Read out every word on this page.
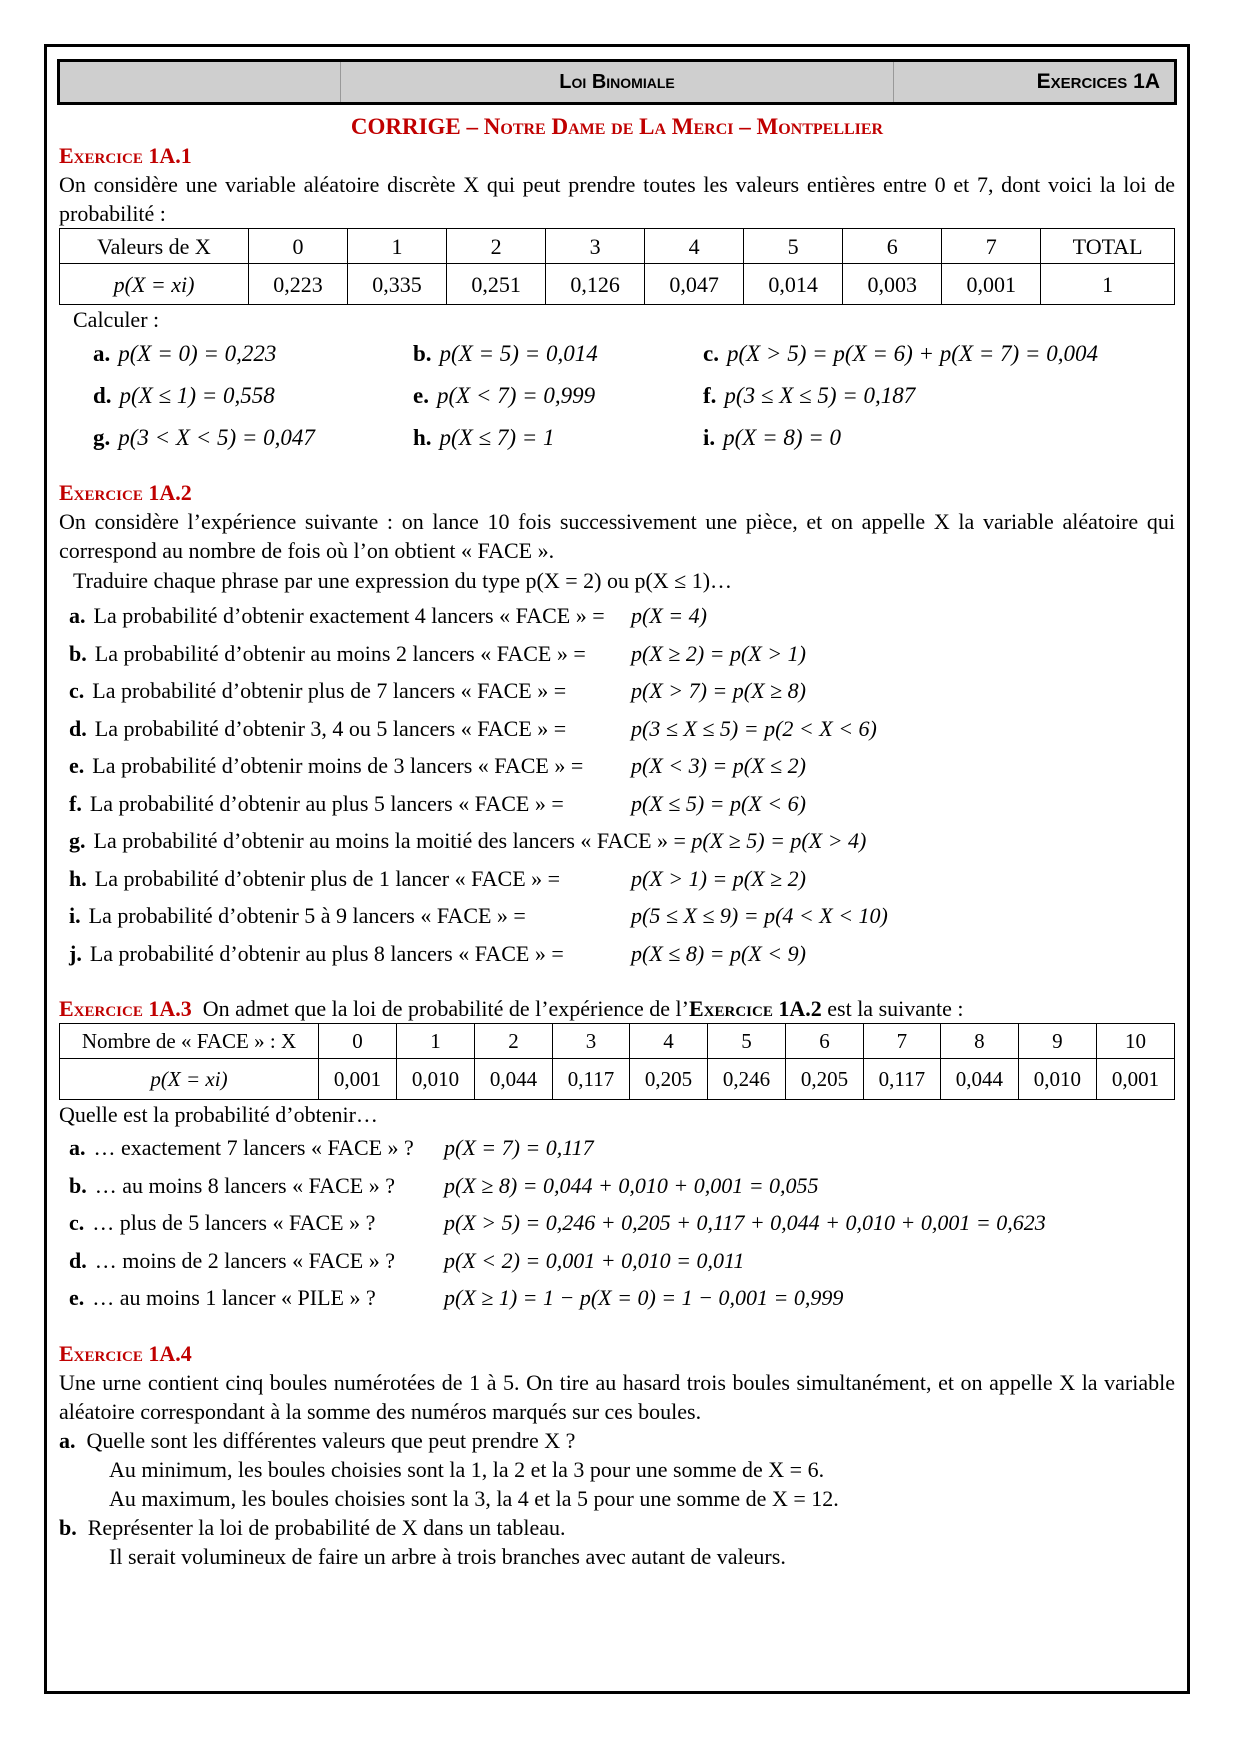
Loi Binomiale	Exercices 1A

CORRIGE – Notre Dame de La Merci – Montpellier

Exercice 1A.1

On considère une variable aléatoire discrète X qui peut prendre toutes les valeurs entières entre 0 et 7, dont voici la loi de probabilité :

Valeurs de X	0	1	2	3	4	5	6	7	TOTAL
p(X = xi)	0,223	0,335	0,251	0,126	0,047	0,014	0,003	0,001	1

Calculer :

a. p(X = 0) = 0,223	b. p(X = 5) = 0,014	c. p(X > 5) = p(X = 6) + p(X = 7) = 0,004
d. p(X ≤ 1) = 0,558	e. p(X < 7) = 0,999	f. p(3 ≤ X ≤ 5) = 0,187
g. p(3 < X < 5) = 0,047	h. p(X ≤ 7) = 1	i. p(X = 8) = 0

Exercice 1A.2

On considère l’expérience suivante : on lance 10 fois successivement une pièce, et on appelle X la variable aléatoire qui correspond au nombre de fois où l’on obtient « FACE ».

Traduire chaque phrase par une expression du type p(X = 2) ou p(X ≤ 1)…

a. La probabilité d’obtenir exactement 4 lancers « FACE » =	p(X = 4)
b. La probabilité d’obtenir au moins 2 lancers « FACE » =	p(X ≥ 2) = p(X > 1)
c. La probabilité d’obtenir plus de 7 lancers « FACE » =	p(X > 7) = p(X ≥ 8)
d. La probabilité d’obtenir 3, 4 ou 5 lancers « FACE » =	p(3 ≤ X ≤ 5) = p(2 < X < 6)
e. La probabilité d’obtenir moins de 3 lancers « FACE » =	p(X < 3) = p(X ≤ 2)
f. La probabilité d’obtenir au plus 5 lancers « FACE » =	p(X ≤ 5) = p(X < 6)
g. La probabilité d’obtenir au moins la moitié des lancers « FACE » =
p(X ≥ 5) = p(X > 4)
h. La probabilité d’obtenir plus de 1 lancer « FACE » =	p(X > 1) = p(X ≥ 2)
i. La probabilité d’obtenir 5 à 9 lancers « FACE » =	p(5 ≤ X ≤ 9) = p(4 < X < 10)
j. La probabilité d’obtenir au plus 8 lancers « FACE » =	p(X ≤ 8) = p(X < 9)

Exercice 1A.3 On admet que la loi de probabilité de l’expérience de l’Exercice 1A.2 est la suivante :

Nombre de « FACE » : X	0	1	2	3	4	5	6	7	8	9	10
p(X = xi)	0,001	0,010	0,044	0,117	0,205	0,246	0,205	0,117	0,044	0,010	0,001

Quelle est la probabilité d’obtenir…

a. … exactement 7 lancers « FACE » ?	p(X = 7) = 0,117
b. … au moins 8 lancers « FACE » ?	p(X ≥ 8) = 0,044 + 0,010 + 0,001 = 0,055
c. … plus de 5 lancers « FACE » ?	p(X > 5) = 0,246 + 0,205 + 0,117 + 0,044 + 0,010 + 0,001 = 0,623
d. … moins de 2 lancers « FACE » ?	p(X < 2) = 0,001 + 0,010 = 0,011
e. … au moins 1 lancer « PILE » ?	p(X ≥ 1) = 1 − p(X = 0) = 1 − 0,001 = 0,999

Exercice 1A.4

Une urne contient cinq boules numérotées de 1 à 5. On tire au hasard trois boules simultanément, et on appelle X la variable aléatoire correspondant à la somme des numéros marqués sur ces boules.

a. Quelle sont les différentes valeurs que peut prendre X ?

Au minimum, les boules choisies sont la 1, la 2 et la 3 pour une somme de X = 6.

Au maximum, les boules choisies sont la 3, la 4 et la 5 pour une somme de X = 12.

b. Représenter la loi de probabilité de X dans un tableau.

Il serait volumineux de faire un arbre à trois branches avec autant de valeurs.
